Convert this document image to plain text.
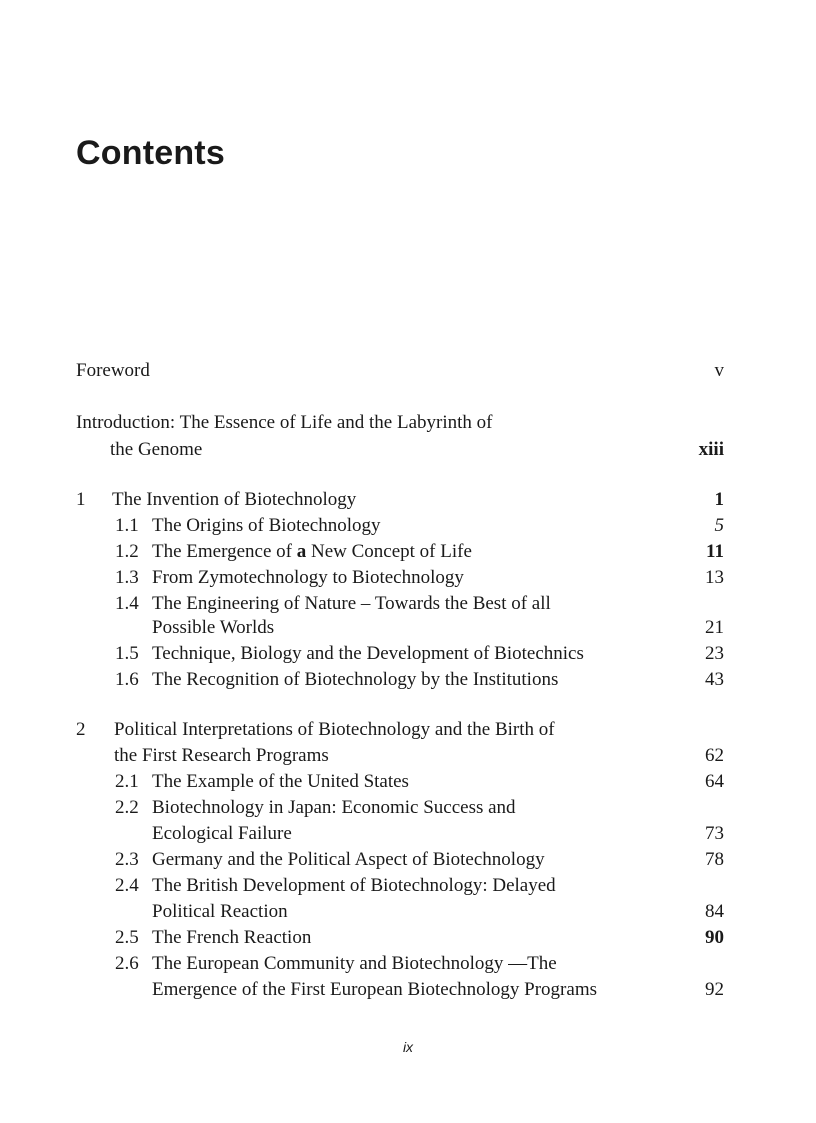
Contents
Foreword	v
Introduction: The Essence of Life and the Labyrinth of
the Genome	xiii
1 The Invention of Biotechnology	1
1.1 The Origins of Biotechnology	5
1.2 The Emergence of a New Concept of Life	11
1.3 From Zymotechnology to Biotechnology	13
1.4 The Engineering of Nature – Towards the Best of all
Possible Worlds	21
1.5 Technique, Biology and the Development of Biotechnics	23
1.6 The Recognition of Biotechnology by the Institutions	43
2 Political Interpretations of Biotechnology and the Birth of
the First Research Programs	62
2.1 The Example of the United States	64
2.2 Biotechnology in Japan: Economic Success and
Ecological Failure	73
2.3 Germany and the Political Aspect of Biotechnology	78
2.4 The British Development of Biotechnology: Delayed
Political Reaction	84
2.5 The French Reaction	90
2.6 The European Community and Biotechnology —The
Emergence of the First European Biotechnology Programs	92
ix
